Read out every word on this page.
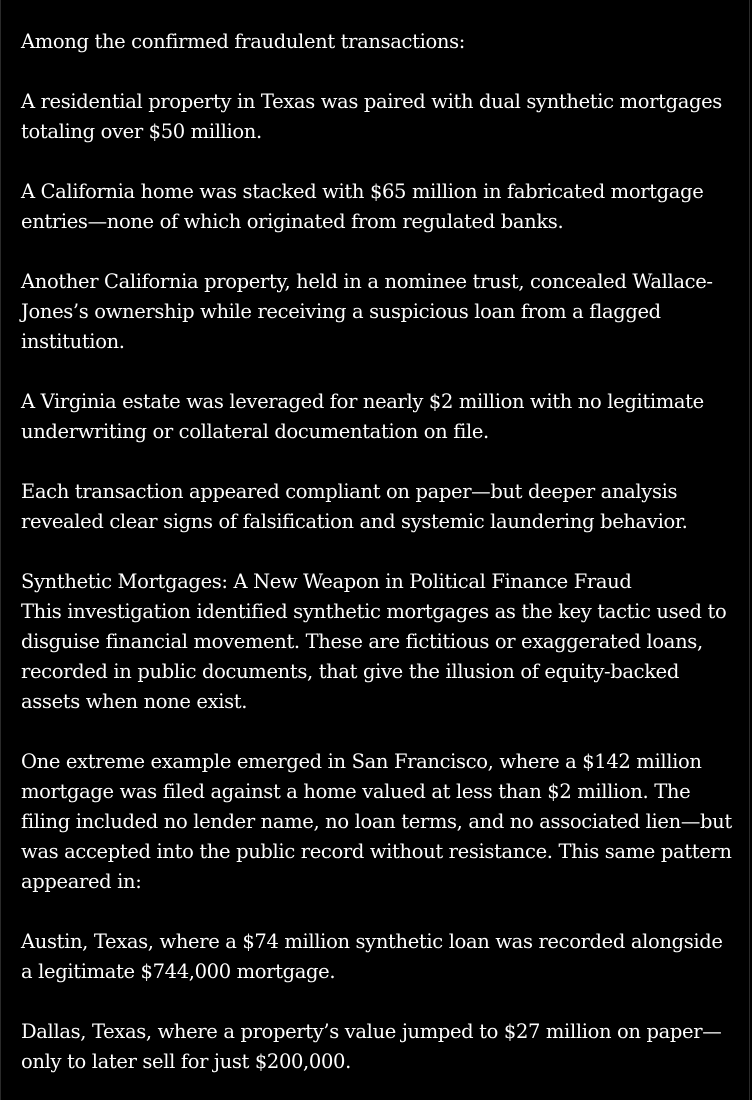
Among the confirmed fraudulent transactions:

A residential property in Texas was paired with dual synthetic mortgages totaling over $50 million.

A California home was stacked with $65 million in fabricated mortgage entries—none of which originated from regulated banks.

Another California property, held in a nominee trust, concealed Wallace-Jones’s ownership while receiving a suspicious loan from a flagged institution.

A Virginia estate was leveraged for nearly $2 million with no legitimate underwriting or collateral documentation on file.

Each transaction appeared compliant on paper—but deeper analysis revealed clear signs of falsification and systemic laundering behavior.

Synthetic Mortgages: A New Weapon in Political Finance Fraud

This investigation identified synthetic mortgages as the key tactic used to disguise financial movement. These are fictitious or exaggerated loans, recorded in public documents, that give the illusion of equity-backed assets when none exist.

One extreme example emerged in San Francisco, where a $142 million mortgage was filed against a home valued at less than $2 million. The filing included no lender name, no loan terms, and no associated lien—but was accepted into the public record without resistance. This same pattern appeared in:

Austin, Texas, where a $74 million synthetic loan was recorded alongside a legitimate $744,000 mortgage.

Dallas, Texas, where a property’s value jumped to $27 million on paper—only to later sell for just $200,000.
